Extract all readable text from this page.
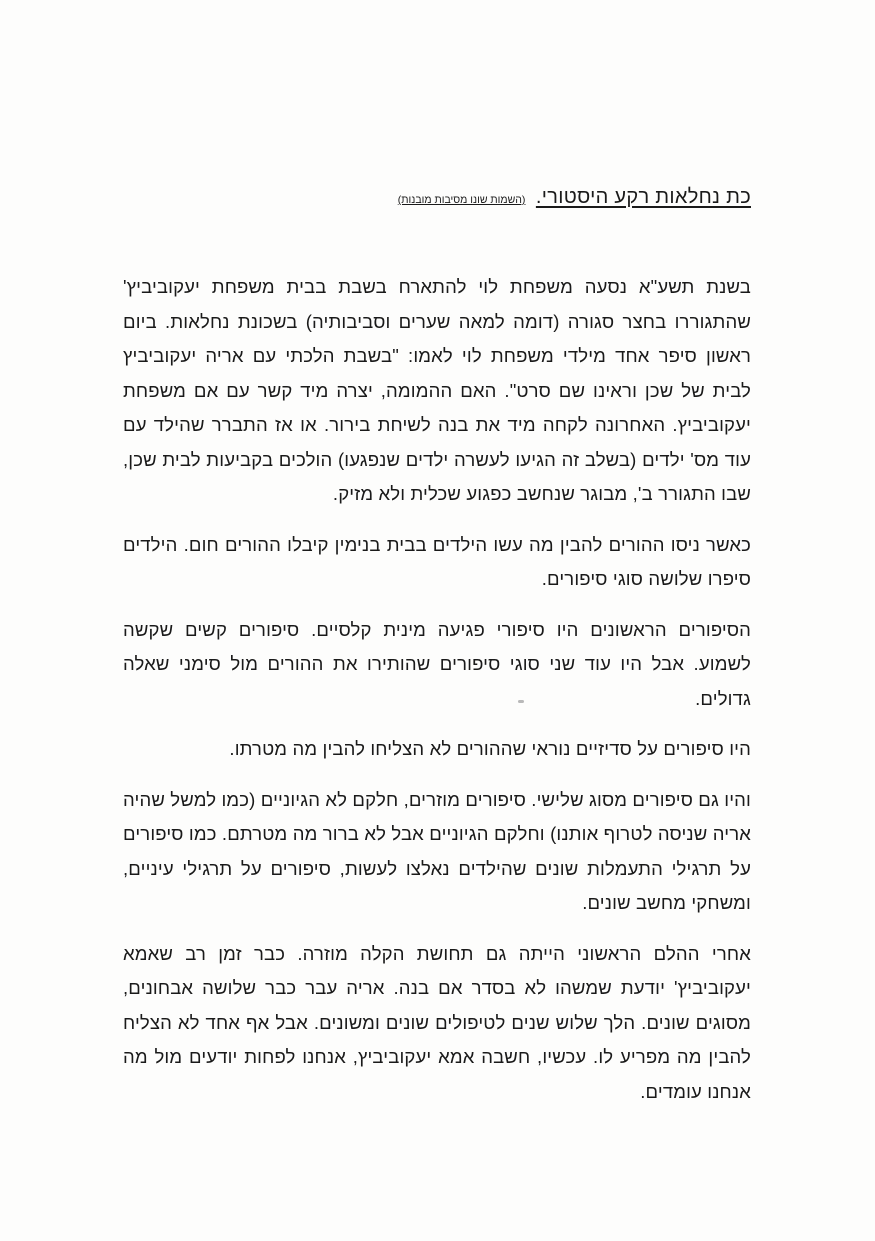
כת נחלאות רקע היסטורי. (השמות שונו מסיבות מובנות)

בשנת תשע"א נסעה משפחת לוי להתארח בשבת בבית משפחת יעקוביביץ' שהתגוררו בחצר סגורה (דומה למאה שערים וסביבותיה) בשכונת נחלאות. ביום ראשון סיפר אחד מילדי משפחת לוי לאמו: "בשבת הלכתי עם אריה יעקוביביץ לבית של שכן וראינו שם סרט". האם ההמומה, יצרה מיד קשר עם אם משפחת יעקוביביץ. האחרונה לקחה מיד את בנה לשיחת בירור. או אז התברר שהילד עם עוד מס' ילדים (בשלב זה הגיעו לעשרה ילדים שנפגעו) הולכים בקביעות לבית שכן, שבו התגורר ב', מבוגר שנחשב כפגוע שכלית ולא מזיק.

כאשר ניסו ההורים להבין מה עשו הילדים בבית בנימין קיבלו ההורים חום. הילדים סיפרו שלושה סוגי סיפורים.

הסיפורים הראשונים היו סיפורי פגיעה מינית קלסיים. סיפורים קשים שקשה לשמוע. אבל היו עוד שני סוגי סיפורים שהותירו את ההורים מול סימני שאלה גדולים.

היו סיפורים על סדיזיים נוראי שההורים לא הצליחו להבין מה מטרתו.

והיו גם סיפורים מסוג שלישי. סיפורים מוזרים, חלקם לא הגיוניים (כמו למשל שהיה אריה שניסה לטרוף אותנו) וחלקם הגיוניים אבל לא ברור מה מטרתם. כמו סיפורים על תרגילי התעמלות שונים שהילדים נאלצו לעשות, סיפורים על תרגילי עיניים, ומשחקי מחשב שונים.

אחרי ההלם הראשוני הייתה גם תחושת הקלה מוזרה. כבר זמן רב שאמא יעקוביביץ' יודעת שמשהו לא בסדר אם בנה. אריה עבר כבר שלושה אבחונים, מסוגים שונים. הלך שלוש שנים לטיפולים שונים ומשונים. אבל אף אחד לא הצליח להבין מה מפריע לו. עכשיו, חשבה אמא יעקוביביץ, אנחנו לפחות יודעים מול מה אנחנו עומדים.
